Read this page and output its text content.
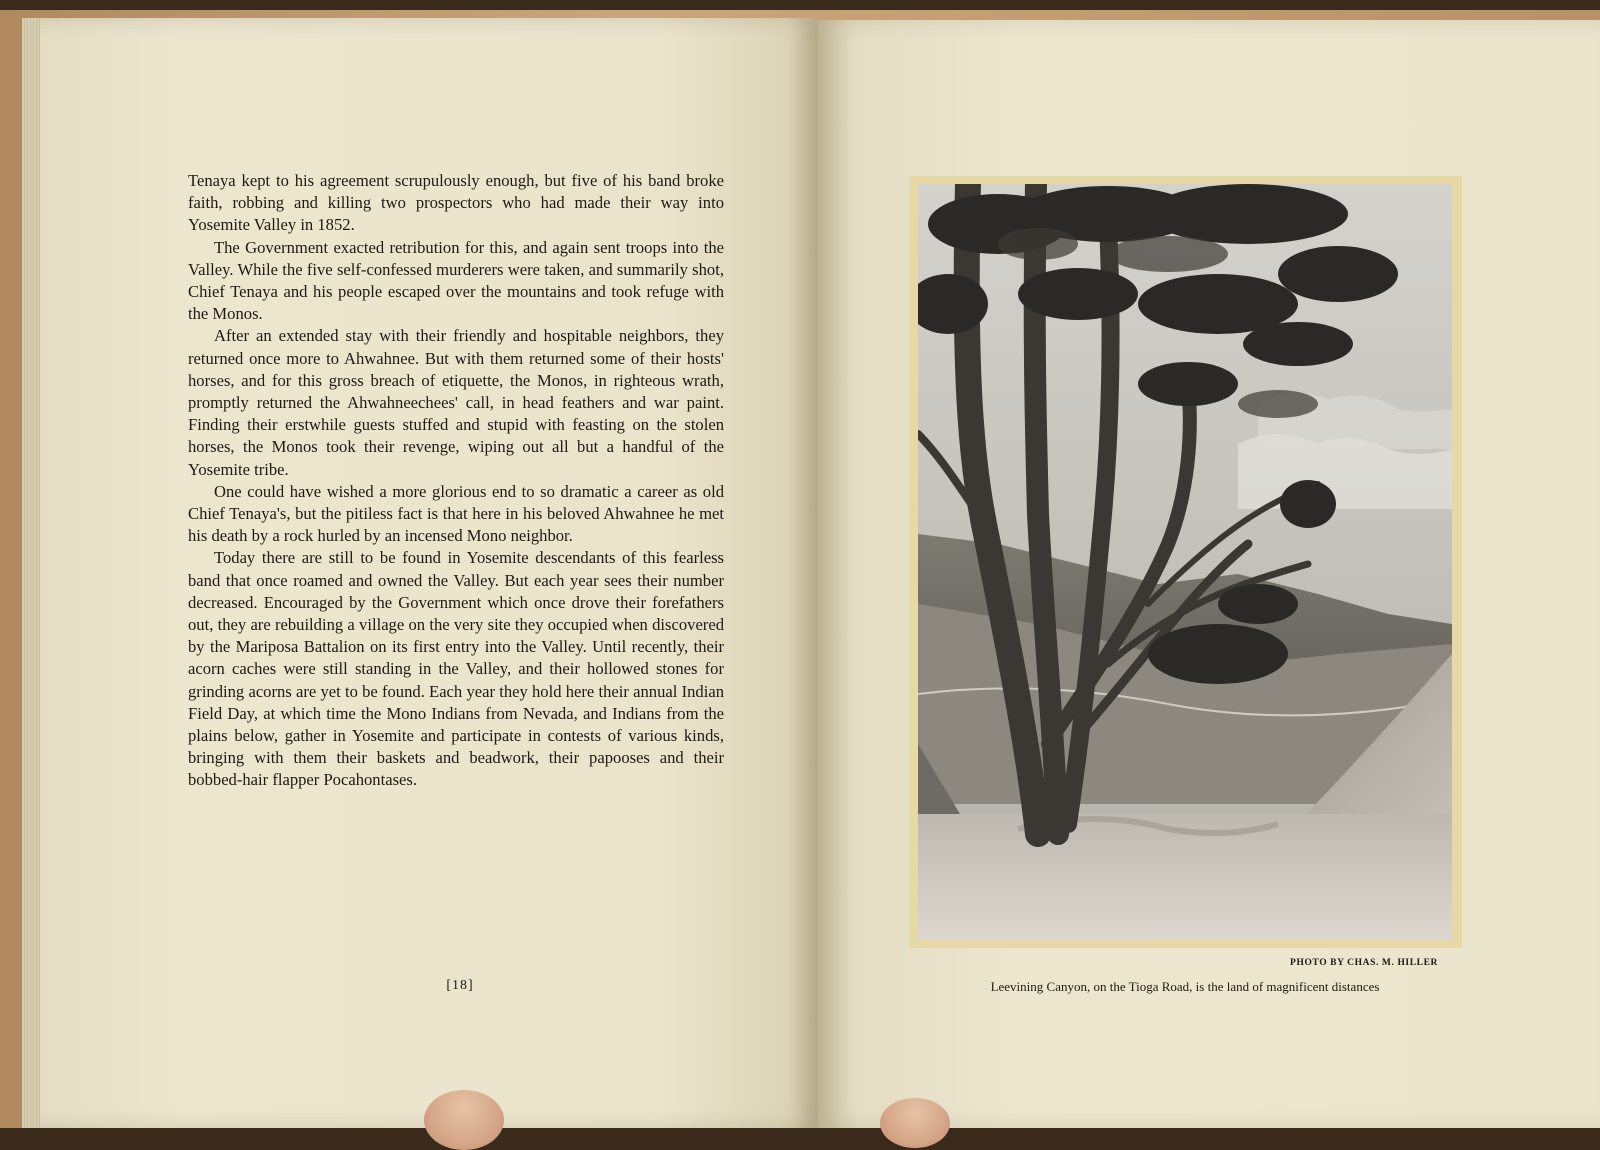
Tenaya kept to his agreement scrupulously enough, but five of his band broke faith, robbing and killing two prospectors who had made their way into Yosemite Valley in 1852.

The Government exacted retribution for this, and again sent troops into the Valley. While the five self-confessed murderers were taken, and summarily shot, Chief Tenaya and his people escaped over the mountains and took refuge with the Monos.

After an extended stay with their friendly and hospitable neighbors, they returned once more to Ahwahnee. But with them returned some of their hosts' horses, and for this gross breach of etiquette, the Monos, in righteous wrath, promptly returned the Ahwahneechees' call, in head feathers and war paint. Finding their erstwhile guests stuffed and stupid with feasting on the stolen horses, the Monos took their revenge, wiping out all but a handful of the Yosemite tribe.

One could have wished a more glorious end to so dramatic a career as old Chief Tenaya's, but the pitiless fact is that here in his beloved Ahwahnee he met his death by a rock hurled by an incensed Mono neighbor.

Today there are still to be found in Yosemite descendants of this fearless band that once roamed and owned the Valley. But each year sees their number decreased. Encouraged by the Government which once drove their forefathers out, they are rebuilding a village on the very site they occupied when discovered by the Mariposa Battalion on its first entry into the Valley. Until recently, their acorn caches were still standing in the Valley, and their hollowed stones for grinding acorns are yet to be found. Each year they hold here their annual Indian Field Day, at which time the Mono Indians from Nevada, and Indians from the plains below, gather in Yosemite and participate in contests of various kinds, bringing with them their baskets and beadwork, their papooses and their bobbed-hair flapper Pocahontases.

[18]
PHOTO BY CHAS. M. HILLER
Leevining Canyon, on the Tioga Road, is the land of magnificent distances
